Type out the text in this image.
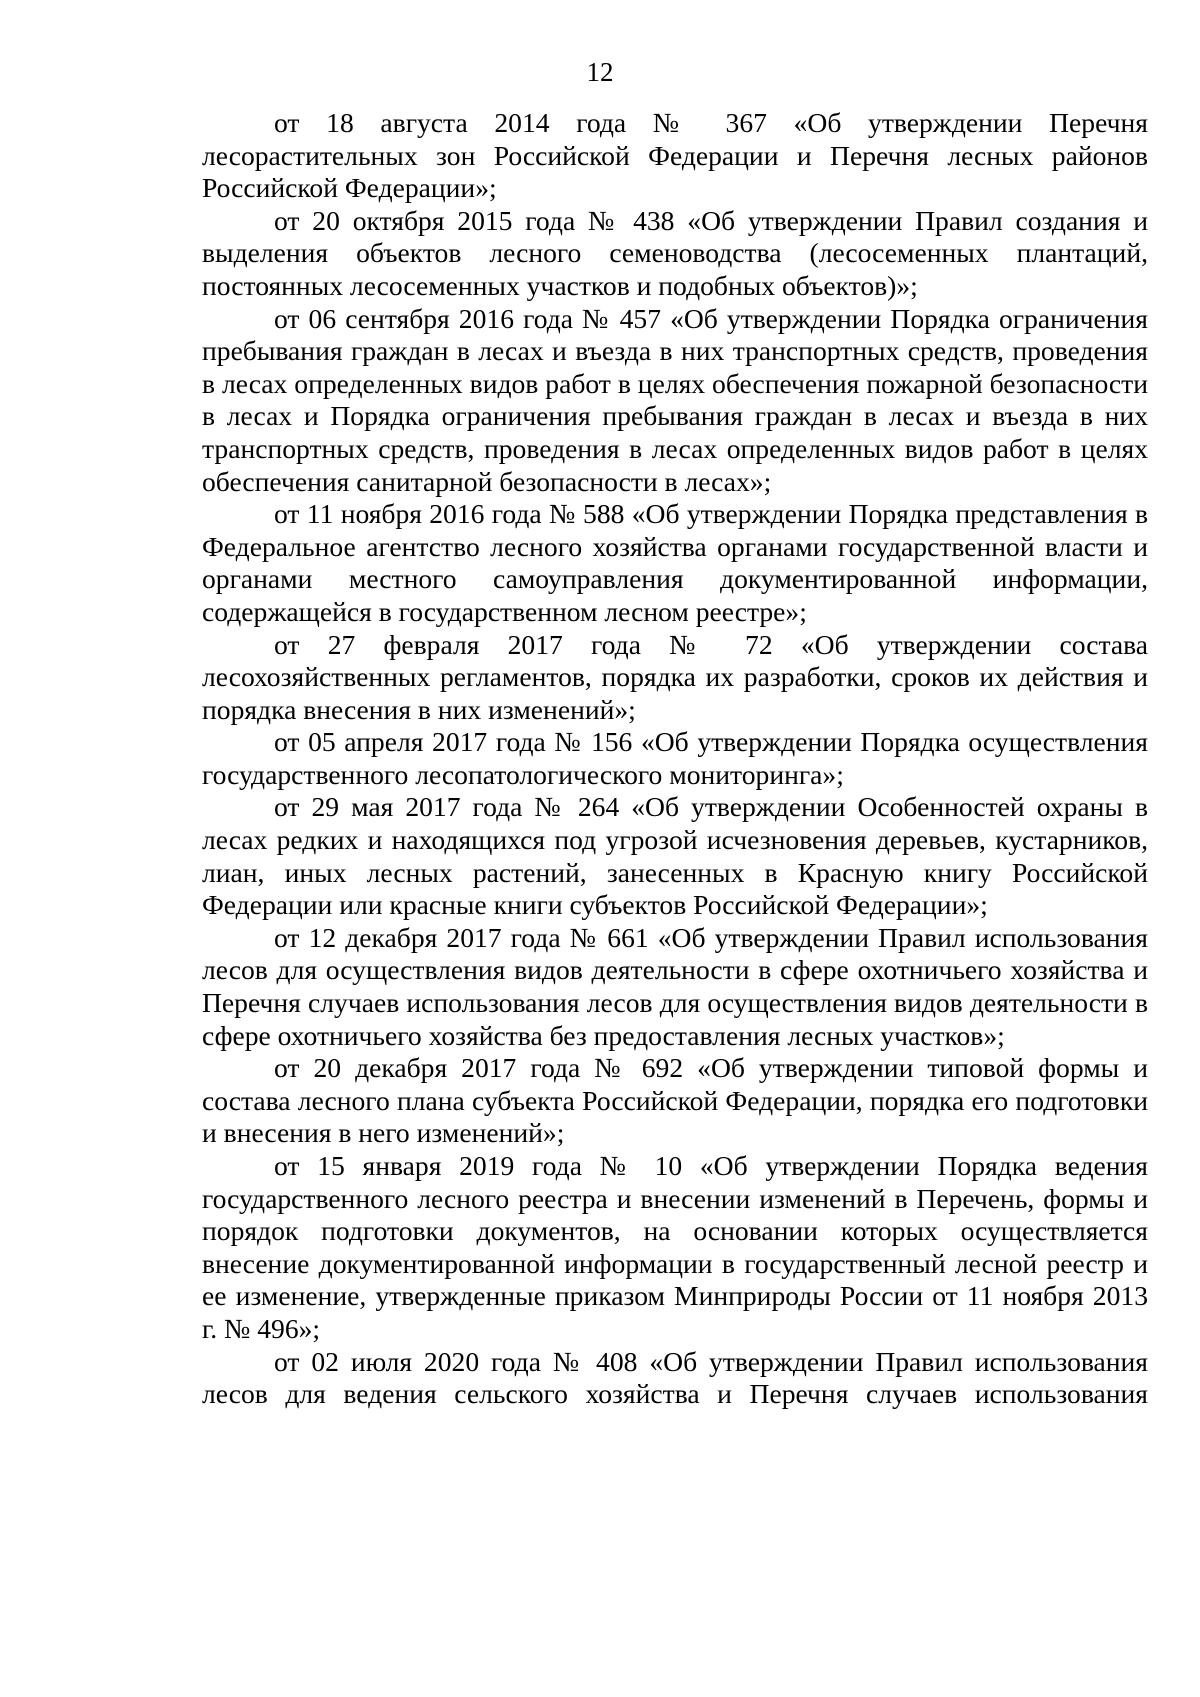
12

от 18 августа 2014 года № 367 «Об утверждении Перечня лесорастительных зон Российской Федерации и Перечня лесных районов Российской Федерации»;

от 20 октября 2015 года № 438 «Об утверждении Правил создания и выделения объектов лесного семеноводства (лесосеменных плантаций, постоянных лесосеменных участков и подобных объектов)»;

от 06 сентября 2016 года № 457 «Об утверждении Порядка ограничения пребывания граждан в лесах и въезда в них транспортных средств, проведения в лесах определенных видов работ в целях обеспечения пожарной безопасности в лесах и Порядка ограничения пребывания граждан в лесах и въезда в них транспортных средств, проведения в лесах определенных видов работ в целях обеспечения санитарной безопасности в лесах»;

от 11 ноября 2016 года № 588 «Об утверждении Порядка представления в Федеральное агентство лесного хозяйства органами государственной власти и органами местного самоуправления документированной информации, содержащейся в государственном лесном реестре»;

от 27 февраля 2017 года № 72 «Об утверждении состава лесохозяйственных регламентов, порядка их разработки, сроков их действия и порядка внесения в них изменений»;

от 05 апреля 2017 года № 156 «Об утверждении Порядка осуществления государственного лесопатологического мониторинга»;

от 29 мая 2017 года № 264 «Об утверждении Особенностей охраны в лесах редких и находящихся под угрозой исчезновения деревьев, кустарников, лиан, иных лесных растений, занесенных в Красную книгу Российской Федерации или красные книги субъектов Российской Федерации»;

от 12 декабря 2017 года № 661 «Об утверждении Правил использования лесов для осуществления видов деятельности в сфере охотничьего хозяйства и Перечня случаев использования лесов для осуществления видов деятельности в сфере охотничьего хозяйства без предоставления лесных участков»;

от 20 декабря 2017 года № 692 «Об утверждении типовой формы и состава лесного плана субъекта Российской Федерации, порядка его подготовки и внесения в него изменений»;

от 15 января 2019 года № 10 «Об утверждении Порядка ведения государственного лесного реестра и внесении изменений в Перечень, формы и порядок подготовки документов, на основании которых осуществляется внесение документированной информации в государственный лесной реестр и ее изменение, утвержденные приказом Минприроды России от 11 ноября 2013 г. № 496»;

от 02 июля 2020 года № 408 «Об утверждении Правил использования лесов для ведения сельского хозяйства и Перечня случаев использования
